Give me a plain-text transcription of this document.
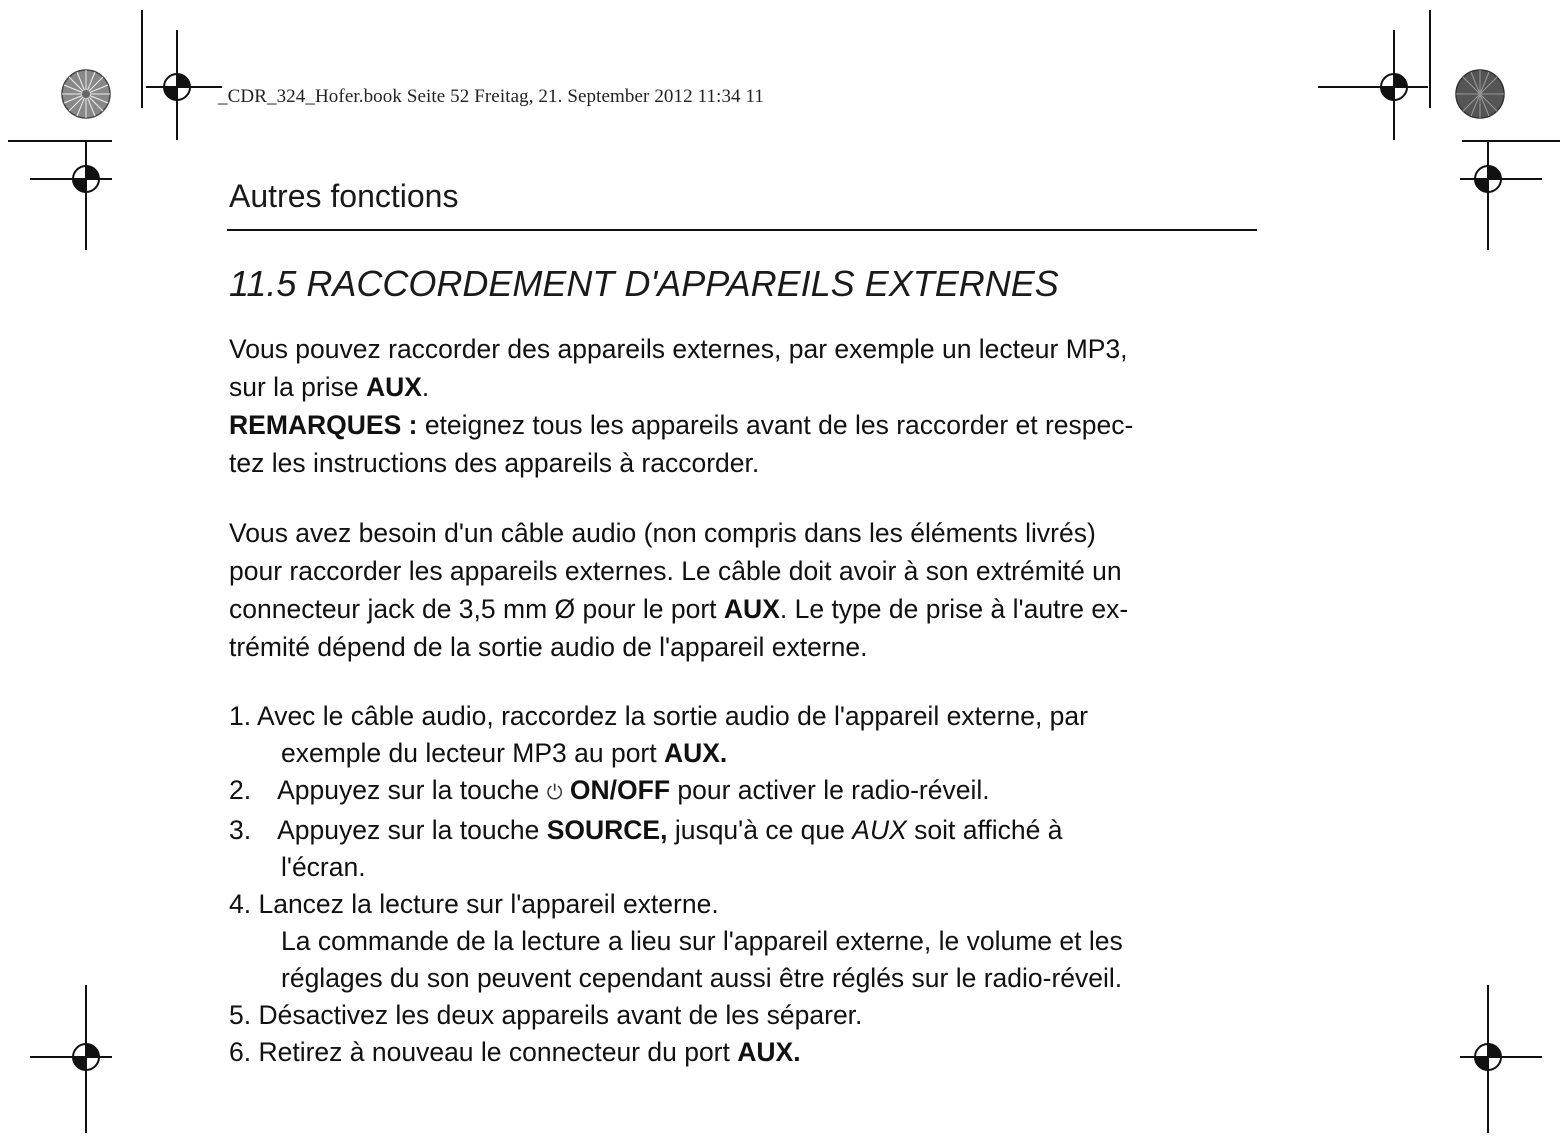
_CDR_324_Hofer.book Seite 52 Freitag, 21. September 2012 11:34 11
Autres fonctions
11.5 RACCORDEMENT D'APPAREILS EXTERNES
Vous pouvez raccorder des appareils externes, par exemple un lecteur MP3,
sur la prise AUX.
REMARQUES : eteignez tous les appareils avant de les raccorder et respec-
tez les instructions des appareils à raccorder.
Vous avez besoin d'un câble audio (non compris dans les éléments livrés)
pour raccorder les appareils externes. Le câble doit avoir à son extrémité un
connecteur jack de 3,5 mm Ø pour le port AUX. Le type de prise à l'autre ex-
trémité dépend de la sortie audio de l'appareil externe.
1. Avec le câble audio, raccordez la sortie audio de l'appareil externe, par
exemple du lecteur MP3 au port AUX.
2. Appuyez sur la touche ⏻ ON/OFF pour activer le radio-réveil.
3. Appuyez sur la touche SOURCE, jusqu'à ce que AUX soit affiché à
l'écran.
4. Lancez la lecture sur l'appareil externe.
La commande de la lecture a lieu sur l'appareil externe, le volume et les
réglages du son peuvent cependant aussi être réglés sur le radio-réveil.
5. Désactivez les deux appareils avant de les séparer.
6. Retirez à nouveau le connecteur du port AUX.
